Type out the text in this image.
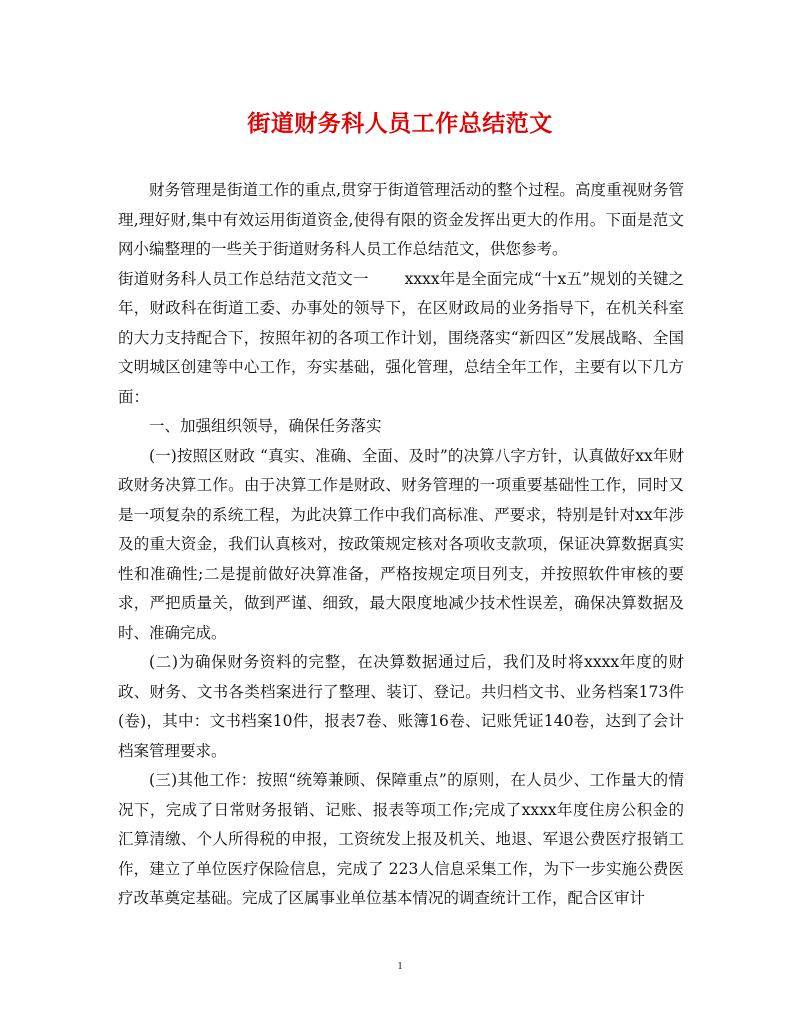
街道财务科人员工作总结范文

财务管理是街道工作的重点,贯穿于街道管理活动的整个过程。高度重视财务管理,理好财,集中有效运用街道资金,使得有限的资金发挥出更大的作用。下面是范文网小编整理的一些关于街道财务科人员工作总结范文，供您参考。

街道财务科人员工作总结范文范文一 xxxx年是全面完成“十x五”规划的关键之年，财政科在街道工委、办事处的领导下，在区财政局的业务指导下，在机关科室的大力支持配合下，按照年初的各项工作计划，围绕落实“新四区”发展战略、全国文明城区创建等中心工作，夯实基础，强化管理，总结全年工作，主要有以下几方面：

一、加强组织领导，确保任务落实

(一)按照区财政 “真实、准确、全面、及时”的决算八字方针，认真做好xx年财政财务决算工作。由于决算工作是财政、财务管理的一项重要基础性工作，同时又是一项复杂的系统工程，为此决算工作中我们高标准、严要求，特别是针对xx年涉及的重大资金，我们认真核对，按政策规定核对各项收支款项，保证决算数据真实性和准确性;二是提前做好决算准备，严格按规定项目列支，并按照软件审核的要求，严把质量关，做到严谨、细致，最大限度地减少技术性误差，确保决算数据及时、准确完成。

(二)为确保财务资料的完整，在决算数据通过后，我们及时将xxxx年度的财政、财务、文书各类档案进行了整理、装订、登记。共归档文书、业务档案173件(卷)，其中：文书档案10件，报表7卷、账簿16卷、记账凭证140卷，达到了会计档案管理要求。

(三)其他工作：按照“统筹兼顾、保障重点”的原则，在人员少、工作量大的情况下，完成了日常财务报销、记账、报表等项工作;完成了xxxx年度住房公积金的汇算清缴、个人所得税的申报，工资统发上报及机关、地退、军退公费医疗报销工作，建立了单位医疗保险信息，完成了 223人信息采集工作，为下一步实施公费医疗改革奠定基础。完成了区属事业单位基本情况的调查统计工作，配合区审计

1
